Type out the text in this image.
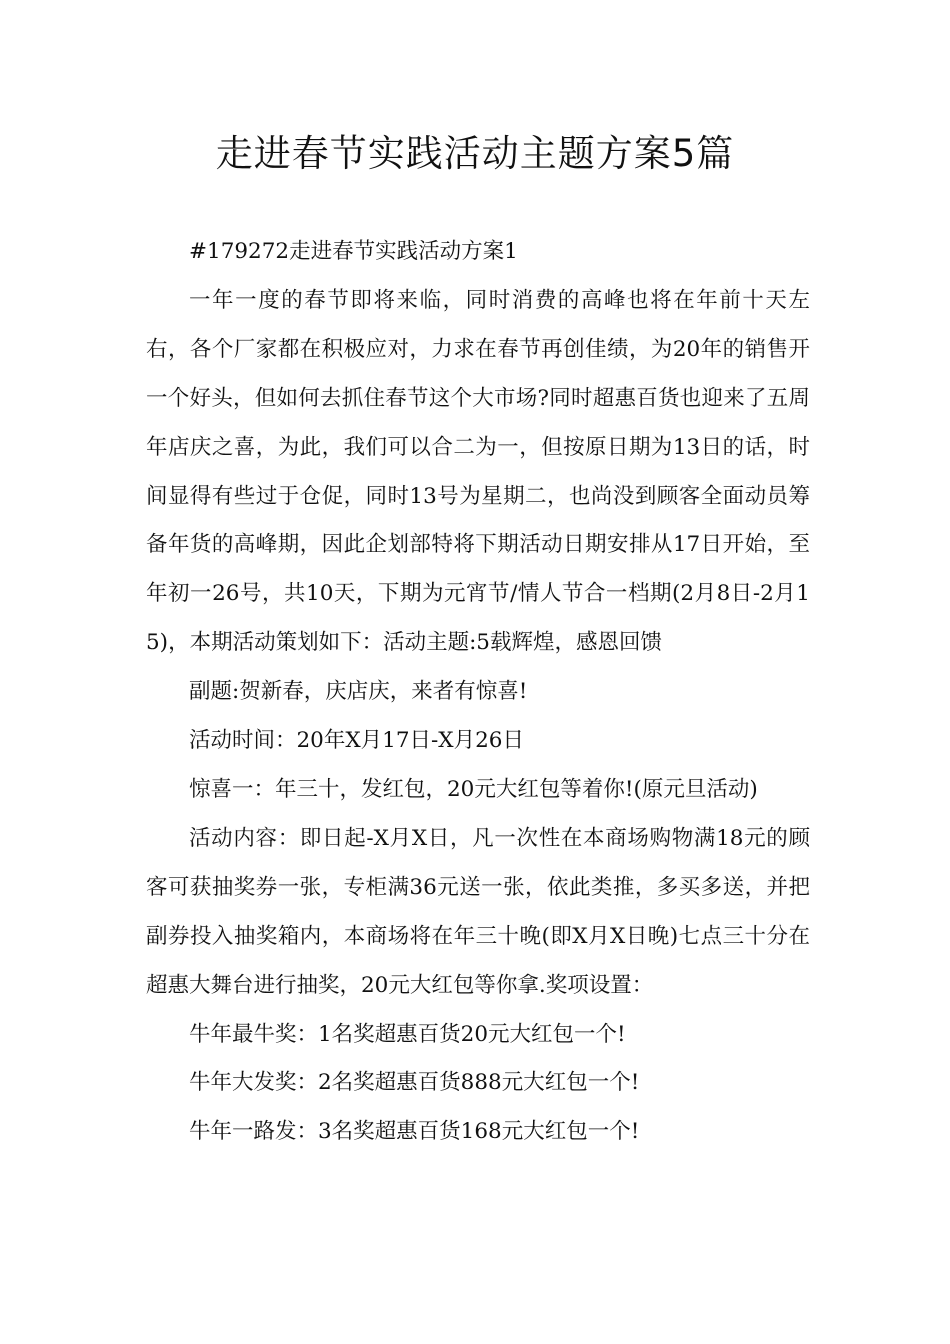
走进春节实践活动主题方案5篇

#179272走进春节实践活动方案1

一年一度的春节即将来临，同时消费的高峰也将在年前十天左右，各个厂家都在积极应对，力求在春节再创佳绩，为20年的销售开一个好头，但如何去抓住春节这个大市场?同时超惠百货也迎来了五周年店庆之喜，为此，我们可以合二为一，但按原日期为13日的话，时间显得有些过于仓促，同时13号为星期二，也尚没到顾客全面动员筹备年货的高峰期，因此企划部特将下期活动日期安排从17日开始，至年初一26号，共10天，下期为元宵节/情人节合一档期(2月8日-2月15)，本期活动策划如下：活动主题:5载辉煌，感恩回馈

副题:贺新春，庆店庆，来者有惊喜!

活动时间：20年X月17日-X月26日

惊喜一：年三十，发红包，20元大红包等着你!(原元旦活动)

活动内容：即日起-X月X日，凡一次性在本商场购物满18元的顾客可获抽奖券一张，专柜满36元送一张，依此类推，多买多送，并把副券投入抽奖箱内，本商场将在年三十晚(即X月X日晚)七点三十分在超惠大舞台进行抽奖，20元大红包等你拿.奖项设置：

牛年最牛奖：1名奖超惠百货20元大红包一个!

牛年大发奖：2名奖超惠百货888元大红包一个!

牛年一路发：3名奖超惠百货168元大红包一个!
